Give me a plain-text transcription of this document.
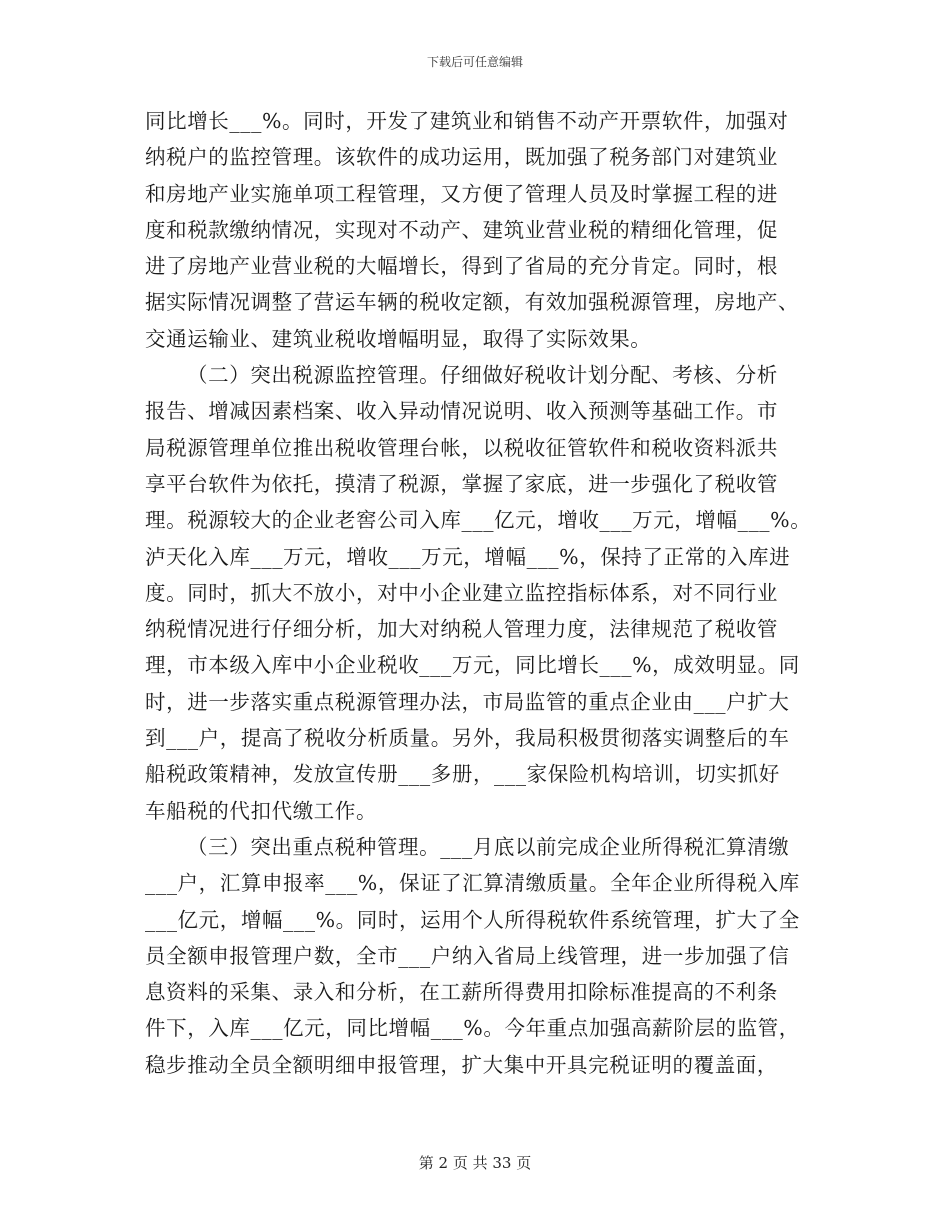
下载后可任意编辑

同比增长___%。同时，开发了建筑业和销售不动产开票软件，加强对

纳税户的监控管理。该软件的成功运用，既加强了税务部门对建筑业

和房地产业实施单项工程管理，又方便了管理人员及时掌握工程的进

度和税款缴纳情况，实现对不动产、建筑业营业税的精细化管理，促

进了房地产业营业税的大幅增长，得到了省局的充分肯定。同时，根

据实际情况调整了营运车辆的税收定额，有效加强税源管理，房地产、

交通运输业、建筑业税收增幅明显，取得了实际效果。

（二）突出税源监控管理。仔细做好税收计划分配、考核、分析

报告、增减因素档案、收入异动情况说明、收入预测等基础工作。市

局税源管理单位推出税收管理台帐，以税收征管软件和税收资料派共

享平台软件为依托，摸清了税源，掌握了家底，进一步强化了税收管

理。税源较大的企业老窖公司入库___亿元，增收___万元，增幅___%。

泸天化入库___万元，增收___万元，增幅___%，保持了正常的入库进

度。同时，抓大不放小，对中小企业建立监控指标体系，对不同行业

纳税情况进行仔细分析，加大对纳税人管理力度，法律规范了税收管

理，市本级入库中小企业税收___万元，同比增长___%，成效明显。同

时，进一步落实重点税源管理办法，市局监管的重点企业由___户扩大

到___户，提高了税收分析质量。另外，我局积极贯彻落实调整后的车

船税政策精神，发放宣传册___多册，___家保险机构培训，切实抓好

车船税的代扣代缴工作。

（三）突出重点税种管理。___月底以前完成企业所得税汇算清缴

___户，汇算申报率___%，保证了汇算清缴质量。全年企业所得税入库

___亿元，增幅___%。同时，运用个人所得税软件系统管理，扩大了全

员全额申报管理户数，全市___户纳入省局上线管理，进一步加强了信

息资料的采集、录入和分析，在工薪所得费用扣除标准提高的不利条

件下，入库___亿元，同比增幅___%。今年重点加强高薪阶层的监管，

稳步推动全员全额明细申报管理，扩大集中开具完税证明的覆盖面，

第 2 页 共 33 页
